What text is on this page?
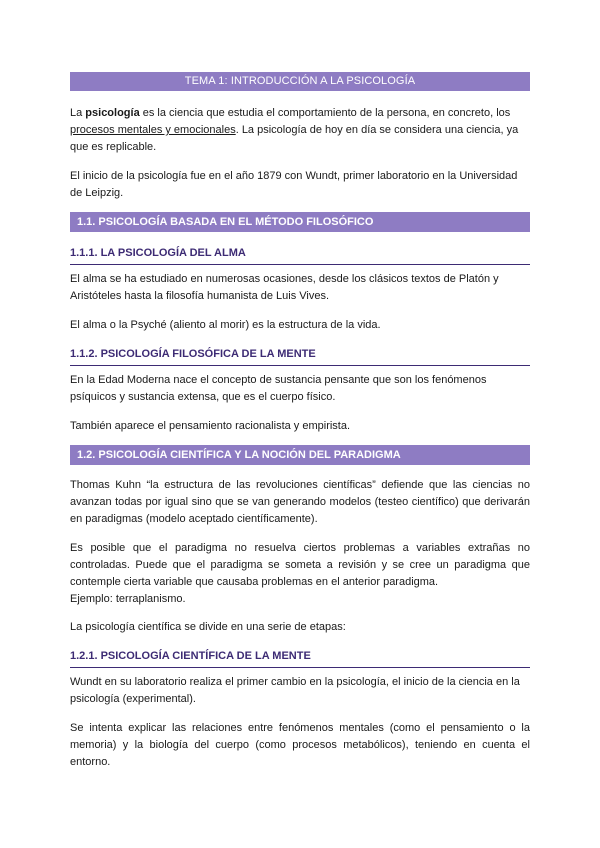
TEMA 1: INTRODUCCIÓN A LA PSICOLOGÍA

La psicología es la ciencia que estudia el comportamiento de la persona, en concreto, los procesos mentales y emocionales. La psicología de hoy en día se considera una ciencia, ya que es replicable.

El inicio de la psicología fue en el año 1879 con Wundt, primer laboratorio en la Universidad de Leipzig.

1.1. PSICOLOGÍA BASADA EN EL MÉTODO FILOSÓFICO
1.1.1. LA PSICOLOGÍA DEL ALMA

El alma se ha estudiado en numerosas ocasiones, desde los clásicos textos de Platón y Aristóteles hasta la filosofía humanista de Luis Vives.

El alma o la Psyché (aliento al morir) es la estructura de la vida.

1.1.2. PSICOLOGÍA FILOSÓFICA DE LA MENTE

En la Edad Moderna nace el concepto de sustancia pensante que son los fenómenos psíquicos y sustancia extensa, que es el cuerpo físico.

También aparece el pensamiento racionalista y empirista.

1.2. PSICOLOGÍA CIENTÍFICA Y LA NOCIÓN DEL PARADIGMA

Thomas Kuhn “la estructura de las revoluciones científicas” defiende que las ciencias no avanzan todas por igual sino que se van generando modelos (testeo científico) que derivarán en paradigmas (modelo aceptado científicamente).

Es posible que el paradigma no resuelva ciertos problemas a variables extrañas no controladas. Puede que el paradigma se someta a revisión y se cree un paradigma que contemple cierta variable que causaba problemas en el anterior paradigma.

Ejemplo: terraplanismo.

La psicología científica se divide en una serie de etapas:

1.2.1. PSICOLOGÍA CIENTÍFICA DE LA MENTE

Wundt en su laboratorio realiza el primer cambio en la psicología, el inicio de la ciencia en la psicología (experimental).

Se intenta explicar las relaciones entre fenómenos mentales (como el pensamiento o la memoria) y la biología del cuerpo (como procesos metabólicos), teniendo en cuenta el entorno.
